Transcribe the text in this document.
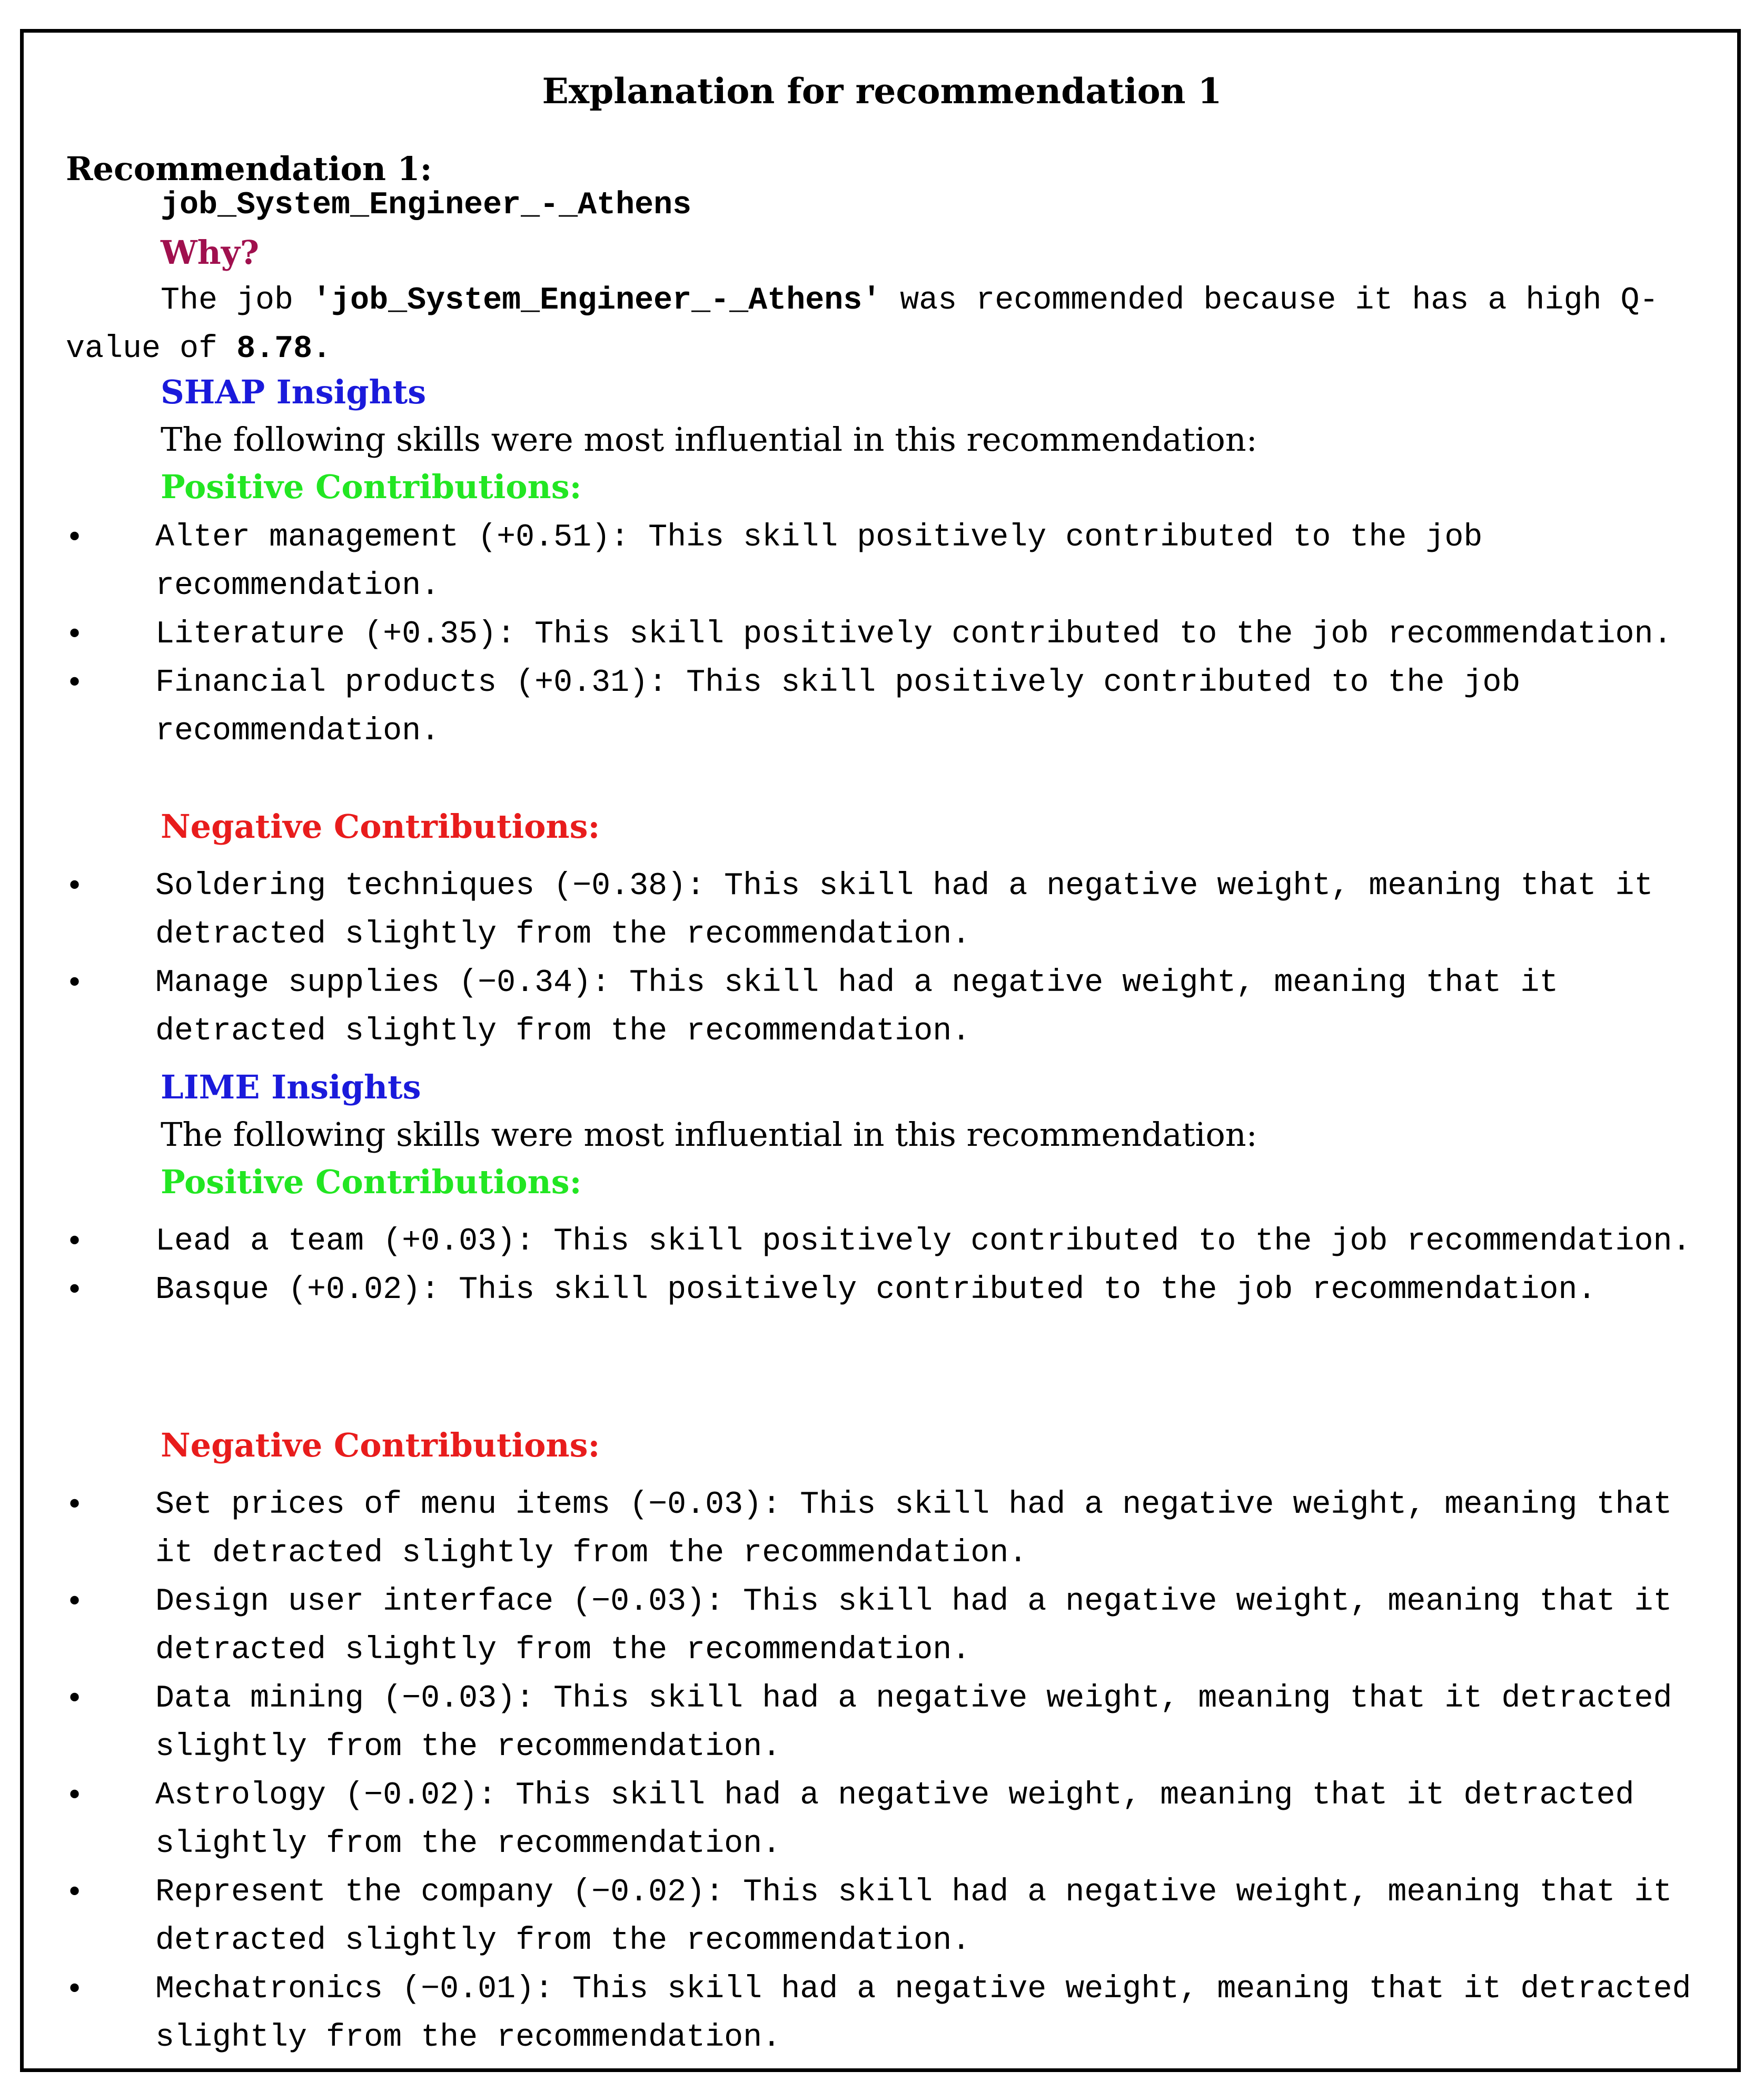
Explanation for recommendation 1
Recommendation 1:
job_System_Engineer_-_Athens
Why?
The job 'job_System_Engineer_-_Athens' was recommended because it has a high Q-value of 8.78.
SHAP Insights
The following skills were most influential in this recommendation:
Positive Contributions:
• Alter management (+0.51): This skill positively contributed to the job recommendation.
• Literature (+0.35): This skill positively contributed to the job recommendation.
• Financial products (+0.31): This skill positively contributed to the job recommendation.
Negative Contributions:
• Soldering techniques (−0.38): This skill had a negative weight, meaning that it detracted slightly from the recommendation.
• Manage supplies (−0.34): This skill had a negative weight, meaning that it detracted slightly from the recommendation.
LIME Insights
The following skills were most influential in this recommendation:
Positive Contributions:
• Lead a team (+0.03): This skill positively contributed to the job recommendation.
• Basque (+0.02): This skill positively contributed to the job recommendation.
Negative Contributions:
• Set prices of menu items (−0.03): This skill had a negative weight, meaning that it detracted slightly from the recommendation.
• Design user interface (−0.03): This skill had a negative weight, meaning that it detracted slightly from the recommendation.
• Data mining (−0.03): This skill had a negative weight, meaning that it detracted slightly from the recommendation.
• Astrology (−0.02): This skill had a negative weight, meaning that it detracted slightly from the recommendation.
• Represent the company (−0.02): This skill had a negative weight, meaning that it detracted slightly from the recommendation.
• Mechatronics (−0.01): This skill had a negative weight, meaning that it detracted slightly from the recommendation.
